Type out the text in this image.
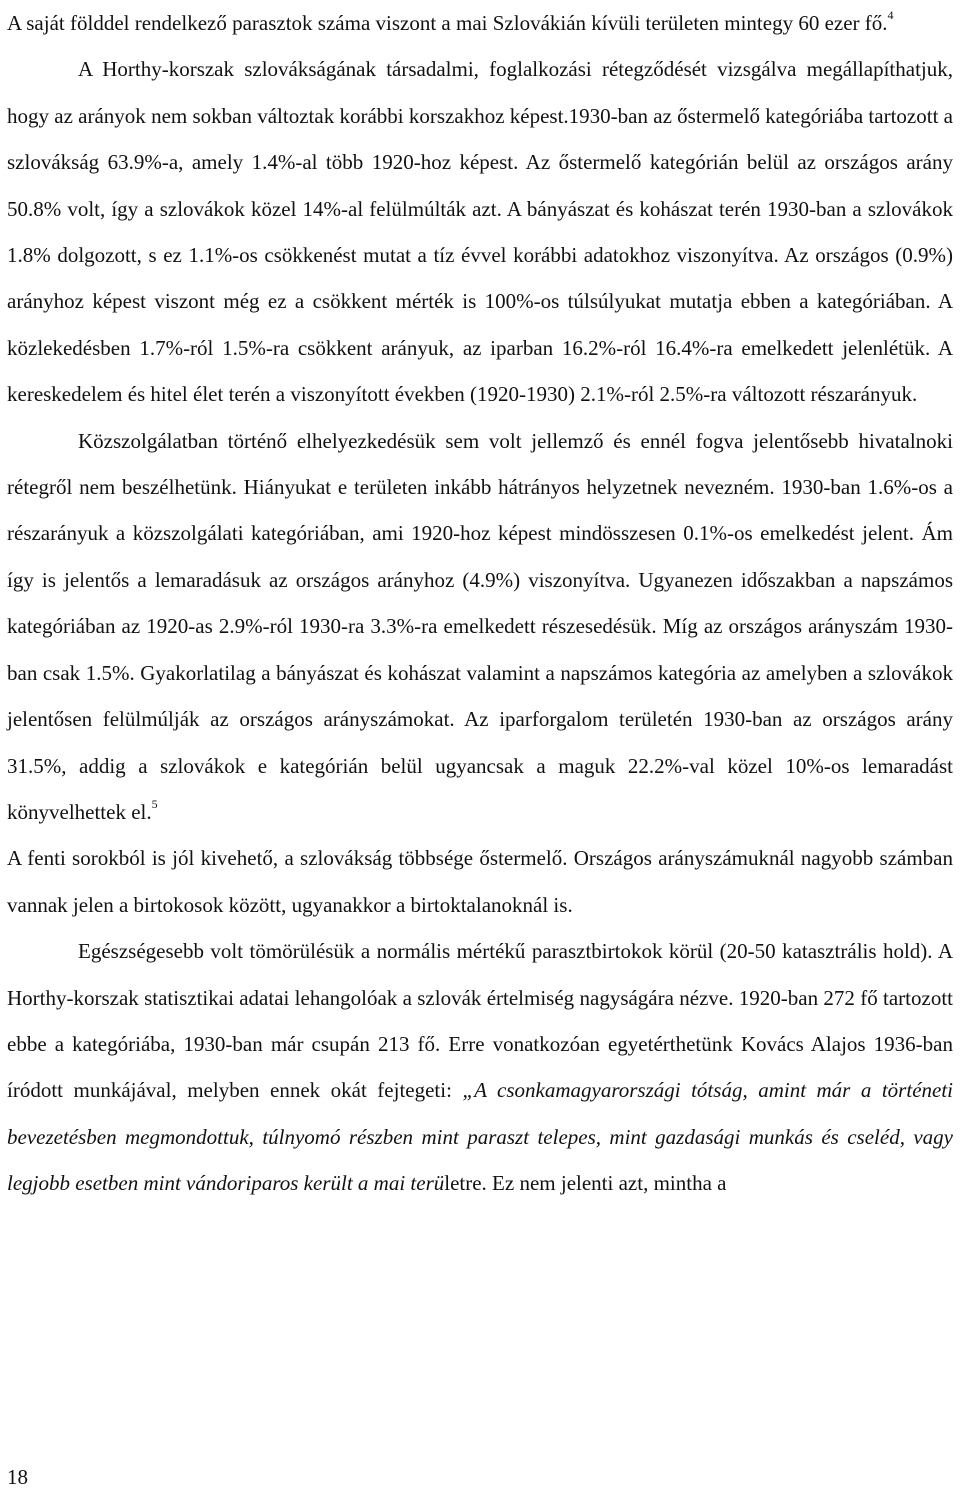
A saját földdel rendelkező parasztok száma viszont a mai Szlovákián kívüli területen mintegy 60 ezer fő.$^4$

A Horthy-korszak szlovákságának társadalmi, foglalkozási rétegződését vizsgálva megállapíthatjuk, hogy az arányok nem sokban változtak korábbi korszakhoz képest.1930-ban az őstermelő kategóriába tartozott a szlovákság 63.9%-a, amely 1.4%-al több 1920-hoz képest. Az őstermelő kategórián belül az országos arány 50.8% volt, így a szlovákok közel 14%-al felülmúlták azt. A bányászat és kohászat terén 1930-ban a szlovákok 1.8% dolgozott, s ez 1.1%-os csökkenést mutat a tíz évvel korábbi adatokhoz viszonyítva. Az országos (0.9%) arányhoz képest viszont még ez a csökkent mérték is 100%-os túlsúlyukat mutatja ebben a kategóriában. A közlekedésben 1.7%-ról 1.5%-ra csökkent arányuk, az iparban 16.2%-ról 16.4%-ra emelkedett jelenlétük. A kereskedelem és hitel élet terén a viszonyított években (1920-1930) 2.1%-ról 2.5%-ra változott részarányuk.

Közszolgálatban történő elhelyezkedésük sem volt jellemző és ennél fogva jelentősebb hivatalnoki rétegről nem beszélhetünk. Hiányukat e területen inkább hátrányos helyzetnek nevezném. 1930-ban 1.6%-os a részarányuk a közszolgálati kategóriában, ami 1920-hoz képest mindösszesen 0.1%-os emelkedést jelent. Ám így is jelentős a lemaradásuk az országos arányhoz (4.9%) viszonyítva. Ugyanezen időszakban a napszámos kategóriában az 1920-as 2.9%-ról 1930-ra 3.3%-ra emelkedett részesedésük. Míg az országos arányszám 1930-ban csak 1.5%. Gyakorlatilag a bányászat és kohászat valamint a napszámos kategória az amelyben a szlovákok jelentősen felülmúlják az országos arányszámokat. Az iparforgalom területén 1930-ban az országos arány 31.5%, addig a szlovákok e kategórián belül ugyancsak a maguk 22.2%-val közel 10%-os lemaradást könyvelhettek el.$^5$

A fenti sorokból is jól kivehető, a szlovákság többsége őstermelő. Országos arányszámuknál nagyobb számban vannak jelen a birtokosok között, ugyanakkor a birtoktalanoknál is.

Egészségesebb volt tömörülésük a normális mértékű parasztbirtokok körül (20-50 katasztrális hold). A Horthy-korszak statisztikai adatai lehangolóak a szlovák értelmiség nagyságára nézve. 1920-ban 272 fő tartozott ebbe a kategóriába, 1930-ban már csupán 213 fő. Erre vonatkozóan egyetérthetünk Kovács Alajos 1936-ban íródott munkájával, melyben ennek okát fejtegeti: „A csonkamagyarországi tótság, amint már a történeti bevezetésben megmondottuk, túlnyomó részben mint paraszt telepes, mint gazdasági munkás és cseléd, vagy legjobb esetben mint vándoriparos került a mai területre. Ez nem jelenti azt, mintha a

18
